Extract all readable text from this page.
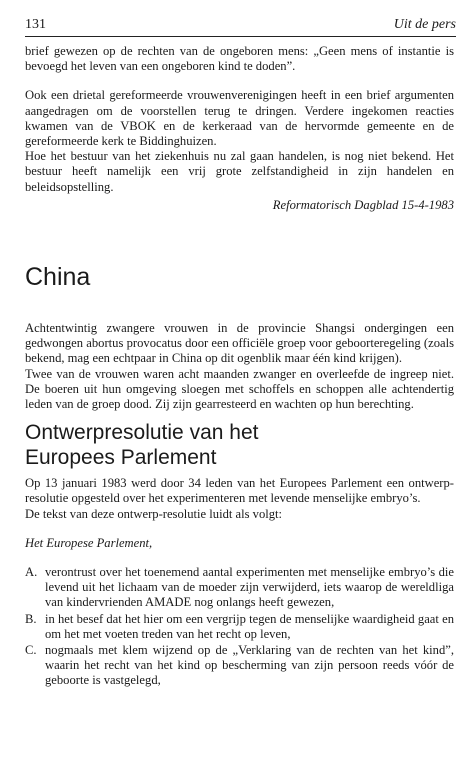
131	Uit de pers

brief gewezen op de rechten van de ongeboren mens: „Geen mens of instantie is bevoegd het leven van een ongeboren kind te doden”.

Ook een drietal gereformeerde vrouwenverenigingen heeft in een brief argumenten aangedragen om de voorstellen terug te dringen. Verdere ingekomen reacties kwamen van de VBOK en de kerkeraad van de hervormde gemeente en de gereformeerde kerk te Biddinghuizen.

Hoe het bestuur van het ziekenhuis nu zal gaan handelen, is nog niet bekend. Het bestuur heeft namelijk een vrij grote zelfstandigheid in zijn handelen en beleidsopstelling.

Reformatorisch Dagblad 15-4-1983
China

Achtentwintig zwangere vrouwen in de provincie Shangsi ondergingen een gedwongen abortus provocatus door een officiële groep voor geboorteregeling (zoals bekend, mag een echtpaar in China op dit ogenblik maar één kind krijgen).

Twee van de vrouwen waren acht maanden zwanger en overleefde de ingreep niet. De boeren uit hun omgeving sloegen met schoffels en schoppen alle achtendertig leden van de groep dood. Zij zijn gearresteerd en wachten op hun berechting.

Ontwerpresolutie van het
Europees Parlement

Op 13 januari 1983 werd door 34 leden van het Europees Parlement een ontwerp-resolutie opgesteld over het experimenteren met levende menselijke embryo’s.

De tekst van deze ontwerp-resolutie luidt als volgt:

Het Europese Parlement,

A. verontrust over het toenemend aantal experimenten met menselijke embryo’s die levend uit het lichaam van de moeder zijn verwijderd, iets waarop de wereldliga van kindervrienden AMADE nog onlangs heeft gewezen,
B. in het besef dat het hier om een vergrijp tegen de menselijke waardigheid gaat en om het met voeten treden van het recht op leven,
C. nogmaals met klem wijzend op de „Verklaring van de rechten van het kind”, waarin het recht van het kind op bescherming van zijn persoon reeds vóór de geboorte is vastgelegd,
